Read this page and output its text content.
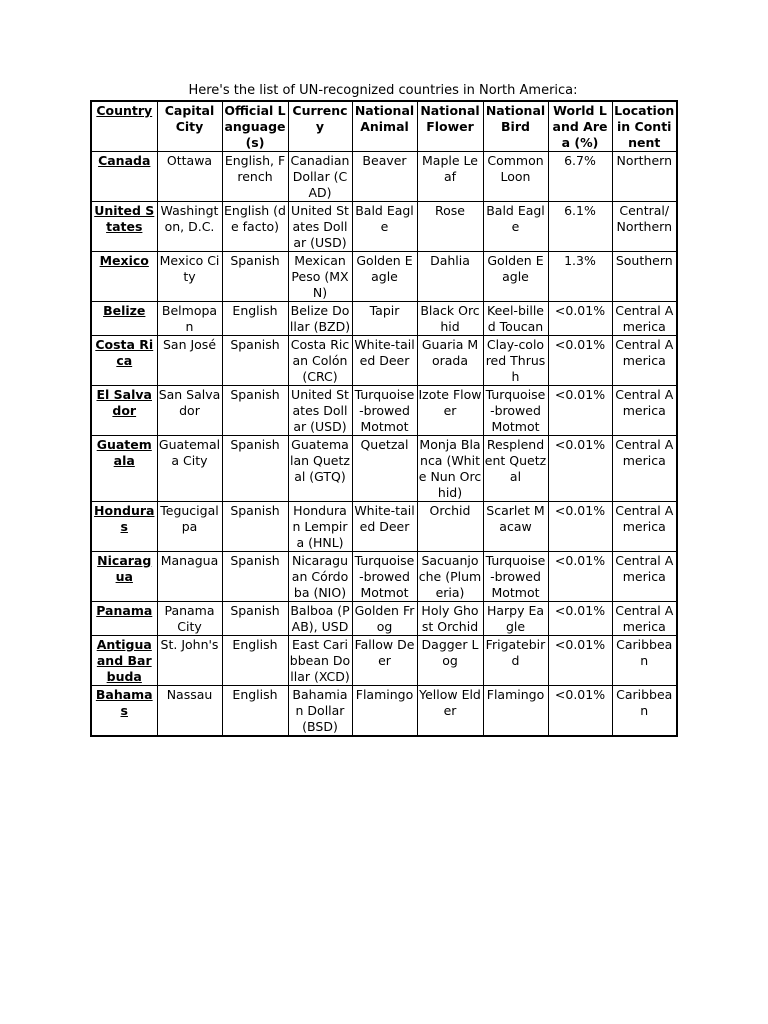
Here's the list of UN-recognized countries in North America:
Country	Capital City	Official Language (s)	Currency	National Animal	National Flower	National Bird	World Land Area (%)	Location in Continent
Canada	Ottawa	English, French	Canadian Dollar (CAD)	Beaver	Maple Leaf	Common Loon	6.7%	Northern
United States	Washington, D.C.	English (de facto)	United States Dollar (USD)	Bald Eagle	Rose	Bald Eagle	6.1%	Central/ Northern
Mexico	Mexico City	Spanish	Mexican Peso (MXN)	Golden Eagle	Dahlia	Golden Eagle	1.3%	Southern
Belize	Belmopan	English	Belize Dollar (BZD)	Tapir	Black Orchid	Keel-billed Toucan	<0.01%	Central America
Costa Rica	San José	Spanish	Costa Rican Colón (CRC)	White-tailed Deer	Guaria Morada	Clay-colored Thrush	<0.01%	Central America
El Salvador	San Salvador	Spanish	United States Dollar (USD)	Turquoise-browed Motmot	Izote Flower	Turquoise-browed Motmot	<0.01%	Central America
Guatemala	Guatemala City	Spanish	Guatemalan Quetzal (GTQ)	Quetzal	Monja Blanca (White Nun Orchid)	Resplendent Quetzal	<0.01%	Central America
Honduras	Tegucigalpa	Spanish	Honduran Lempira (HNL)	White-tailed Deer	Orchid	Scarlet Macaw	<0.01%	Central America
Nicaragua	Managua	Spanish	Nicaraguan Córdoba (NIO)	Turquoise-browed Motmot	Sacuanjoche (Plumeria)	Turquoise-browed Motmot	<0.01%	Central America
Panama	Panama City	Spanish	Balboa (PAB), USD	Golden Frog	Holy Ghost Orchid	Harpy Eagle	<0.01%	Central America
Antigua and Barbuda	St. John's	English	East Caribbean Dollar (XCD)	Fallow Deer	Dagger Log	Frigatebird	<0.01%	Caribbean
Bahamas	Nassau	English	Bahamian Dollar (BSD)	Flamingo	Yellow Elder	Flamingo	<0.01%	Caribbean
